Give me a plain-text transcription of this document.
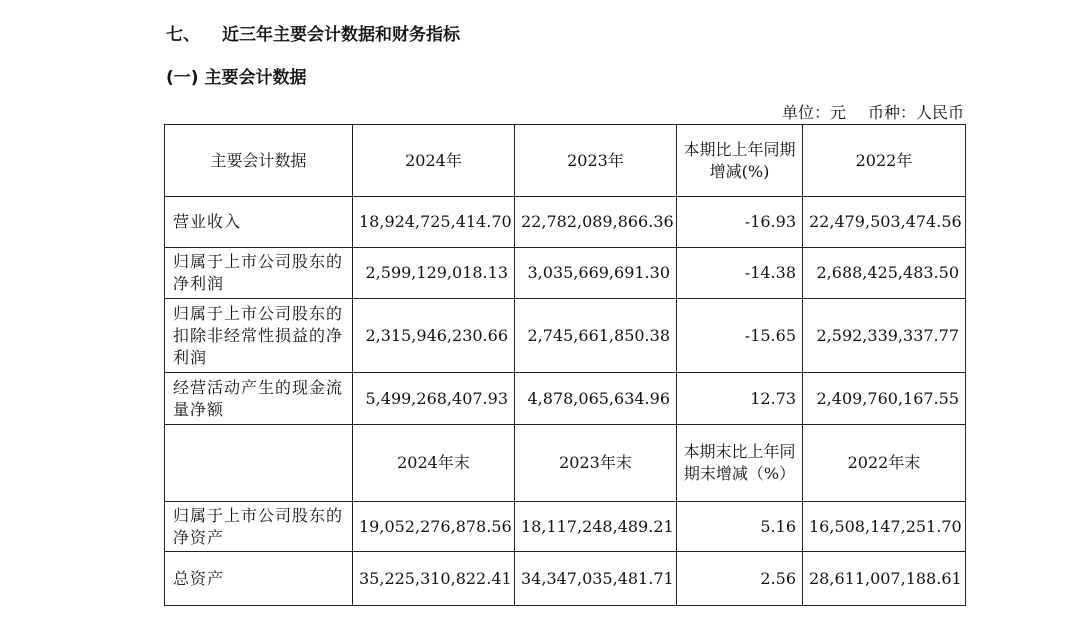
七、 近三年主要会计数据和财务指标
(一) 主要会计数据
单位：元 币种：人民币
主要会计数据	2024年	2023年	本期比上年同期增减(%)	2022年
营业收入	18,924,725,414.70	22,782,089,866.36	-16.93	22,479,503,474.56
归属于上市公司股东的净利润	2,599,129,018.13	3,035,669,691.30	-14.38	2,688,425,483.50
归属于上市公司股东的扣除非经常性损益的净利润	2,315,946,230.66	2,745,661,850.38	-15.65	2,592,339,337.77
经营活动产生的现金流量净额	5,499,268,407.93	4,878,065,634.96	12.73	2,409,760,167.55
	2024年末	2023年末	本期末比上年同期末增减（%）	2022年末
归属于上市公司股东的净资产	19,052,276,878.56	18,117,248,489.21	5.16	16,508,147,251.70
总资产	35,225,310,822.41	34,347,035,481.71	2.56	28,611,007,188.61
